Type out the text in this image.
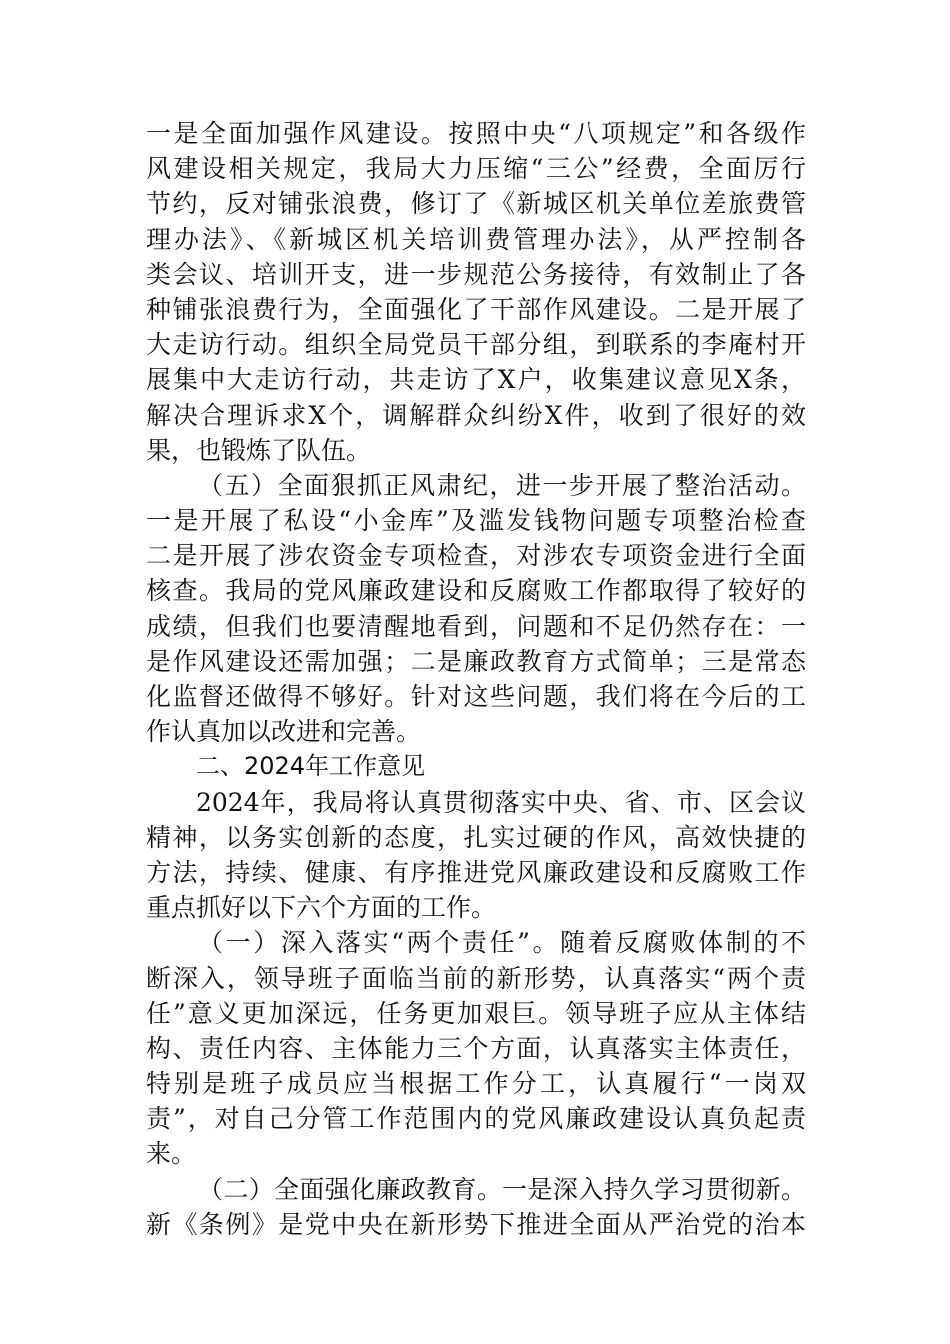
一是全面加强作风建设。按照中央“八项规定”和各级作
风建设相关规定，我局大力压缩“三公”经费，全面厉行
节约，反对铺张浪费，修订了《新城区机关单位差旅费管
理办法》、《新城区机关培训费管理办法》，从严控制各
类会议、培训开支，进一步规范公务接待，有效制止了各
种铺张浪费行为，全面强化了干部作风建设。二是开展了
大走访行动。组织全局党员干部分组，到联系的李庵村开
展集中大走访行动，共走访了X户，收集建议意见X条，
解决合理诉求X个，调解群众纠纷X件，收到了很好的效
果，也锻炼了队伍。
（五）全面狠抓正风肃纪，进一步开展了整治活动。
一是开展了私设“小金库”及滥发钱物问题专项整治检查
二是开展了涉农资金专项检查，对涉农专项资金进行全面
核查。我局的党风廉政建设和反腐败工作都取得了较好的
成绩，但我们也要清醒地看到，问题和不足仍然存在：一
是作风建设还需加强；二是廉政教育方式简单；三是常态
化监督还做得不够好。针对这些问题，我们将在今后的工
作认真加以改进和完善。
二、2024年工作意见
2024年，我局将认真贯彻落实中央、省、市、区会议
精神，以务实创新的态度，扎实过硬的作风，高效快捷的
方法，持续、健康、有序推进党风廉政建设和反腐败工作
重点抓好以下六个方面的工作。
（一）深入落实“两个责任”。随着反腐败体制的不
断深入，领导班子面临当前的新形势，认真落实“两个责
任”意义更加深远，任务更加艰巨。领导班子应从主体结
构、责任内容、主体能力三个方面，认真落实主体责任，
特别是班子成员应当根据工作分工，认真履行“一岗双
责”，对自己分管工作范围内的党风廉政建设认真负起责
来。
（二）全面强化廉政教育。一是深入持久学习贯彻新。
新《条例》是党中央在新形势下推进全面从严治党的治本
